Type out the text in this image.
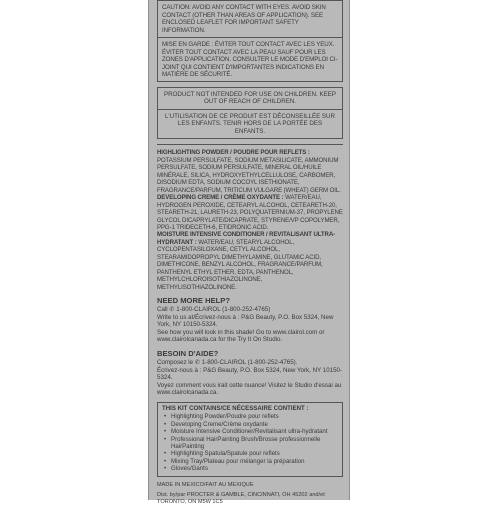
CAUTION: AVOID ANY CONTACT WITH EYES. AVOID SKIN CONTACT (OTHER THAN AREAS OF APPLICATION). SEE ENCLOSED LEAFLET FOR IMPORTANT SAFETY INFORMATION.
MISE EN GARDE : ÉVITER TOUT CONTACT AVEC LES YEUX. ÉVITER TOUT CONTACT AVEC LA PEAU SAUF POUR LES ZONES D'APPLICATION. CONSULTER LE MODE D'EMPLOI CI-JOINT QUI CONTIENT D'IMPORTANTES INDICATIONS EN MATIÈRE DE SÉCURITÉ.
PRODUCT NOT INTENDED FOR USE ON CHILDREN. KEEP OUT OF REACH OF CHILDREN.
L'UTILISATION DE CE PRODUIT EST DÉCONSEILLÉE SUR LES ENFANTS. TENIR HORS DE LA PORTÉE DES ENFANTS.
HIGHLIGHTING POWDER / POUDRE POUR REFLETS : POTASSIUM PERSULFATE, SODIUM METASILICATE, AMMONIUM PERSULFATE, SODIUM PERSULFATE, MINERAL OIL/HUILE MINÉRALE, SILICA, HYDROXYETHYLCELLULOSE, CARBOMER, DISODIUM EDTA, SODIUM COCOYL ISETHIONATE, FRAGRANCE/PARFUM, TRITICUM VULGARE (WHEAT) GERM OIL.
DEVELOPING CREME / CRÈME OXYDANTE : WATER/EAU, HYDROGEN PEROXIDE, CETEARYL ALCOHOL, CETEARETH-20, STEARETH-21, LAURETH-23, POLYQUATERNIUM-37, PROPYLENE GLYCOL DICAPRYLATE/DICAPRATE, STYRENE/VP COPOLYMER, PPG-1 TRIDECETH-6, ETIDRONIC ACID.
MOISTURE INTENSIVE CONDITIONER / REVITALISANT ULTRA-HYDRATANT : WATER/EAU, STEARYL ALCOHOL, CYCLOPENTASILOXANE, CETYL ALCOHOL, STEARAMIDOPROPYL DIMETHYLAMINE, GLUTAMIC ACID, DIMETHICONE, BENZYL ALCOHOL, FRAGRANCE/PARFUM, PANTHENYL ETHYL ETHER, EDTA, PANTHENOL, METHYLCHLOROISOTHIAZOLINONE, METHYLISOTHIAZOLINONE.
NEED MORE HELP?

Call ✆ 1-800-CLAIROL (1-800-252-4765)

Write to us at/Écrivez-nous à : P&G Beauty, P.O. Box 5324, New York, NY 10150-5324.

See how you will look in this shade! Go to www.clairol.com or www.clairolcanada.ca for the Try It On Studio.

BESOIN D'AIDE?

Composez le ✆ 1-800-CLAIROL (1-800-252-4765).

Écrivez-nous à : P&G Beauty, P.O. Box 5324, New York, NY 10150-5324.

Voyez comment vous irait cette nuance! Visitez le Studio d'essai au www.clairolcanada.ca.

THIS KIT CONTAINS/CE NÉCESSAIRE CONTIENT :
• Highlighting Powder/Poudre pour reflets
• Developing Creme/Crème oxydante
• Moisture Intensive Conditioner/Revitalisant ultra-hydratant
• Professional HairPainting Brush/Brosse professionnelle HairPainting
• Highlighting Spatula/Spatule pour reflets
• Mixing Tray/Plateau pour mélanger la préparation
• Gloves/Gants

MADE IN MEXICO/FAIT AU MEXIQUE

Dist. by/par PROCTER & GAMBLE, CINCINNATI, OH 45202 and/et TORONTO, ON M5W 1C5
